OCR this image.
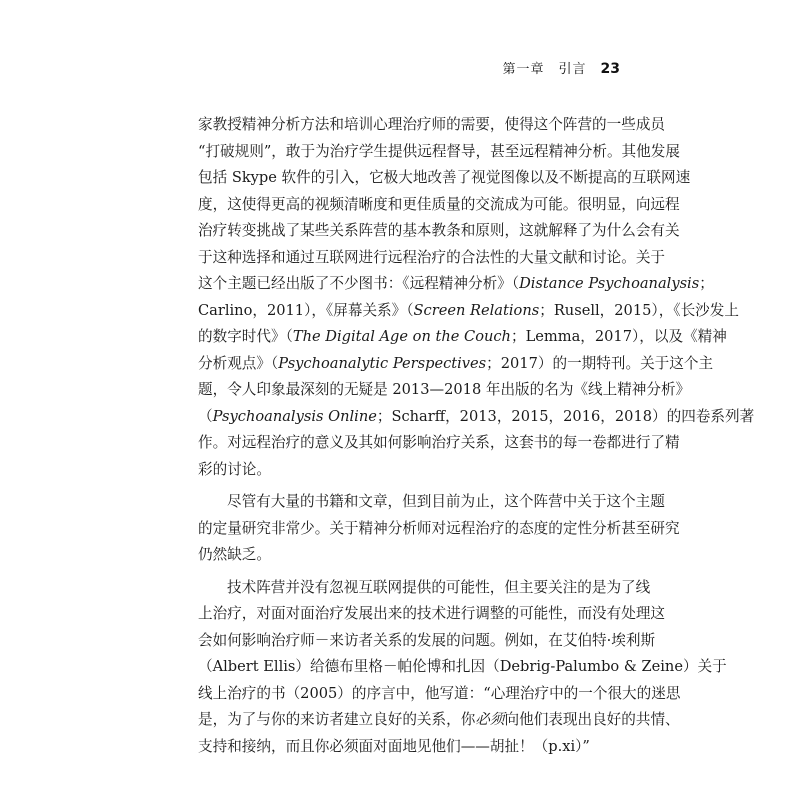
第一章　引言 23
家教授精神分析方法和培训心理治疗师的需要，使得这个阵营的一些成员
“打破规则”，敢于为治疗学生提供远程督导，甚至远程精神分析。其他发展
包括 Skype 软件的引入，它极大地改善了视觉图像以及不断提高的互联网速
度，这使得更高的视频清晰度和更佳质量的交流成为可能。很明显，向远程
治疗转变挑战了某些关系阵营的基本教条和原则，这就解释了为什么会有关
于这种选择和通过互联网进行远程治疗的合法性的大量文献和讨论。关于
这个主题已经出版了不少图书：《远程精神分析》（Distance Psychoanalysis；
Carlino，2011），《屏幕关系》（Screen Relations；Rusell，2015），《长沙发上
的数字时代》（The Digital Age on the Couch；Lemma，2017），以及《精神
分析观点》（Psychoanalytic Perspectives；2017）的一期特刊。关于这个主
题，令人印象最深刻的无疑是 2013—2018 年出版的名为《线上精神分析》
（Psychoanalysis Online；Scharff，2013，2015，2016，2018）的四卷系列著
作。对远程治疗的意义及其如何影响治疗关系，这套书的每一卷都进行了精
彩的讨论。
尽管有大量的书籍和文章，但到目前为止，这个阵营中关于这个主题
的定量研究非常少。关于精神分析师对远程治疗的态度的定性分析甚至研究
仍然缺乏。
技术阵营并没有忽视互联网提供的可能性，但主要关注的是为了线
上治疗，对面对面治疗发展出来的技术进行调整的可能性，而没有处理这
会如何影响治疗师－来访者关系的发展的问题。例如，在艾伯特·埃利斯
（Albert Ellis）给德布里格－帕伦博和扎因（Debrig-Palumbo & Zeine）关于
线上治疗的书（2005）的序言中，他写道：“心理治疗中的一个很大的迷思
是，为了与你的来访者建立良好的关系，你必须向他们表现出良好的共情、
支持和接纳，而且你必须面对面地见他们——胡扯！（p.xi）”
